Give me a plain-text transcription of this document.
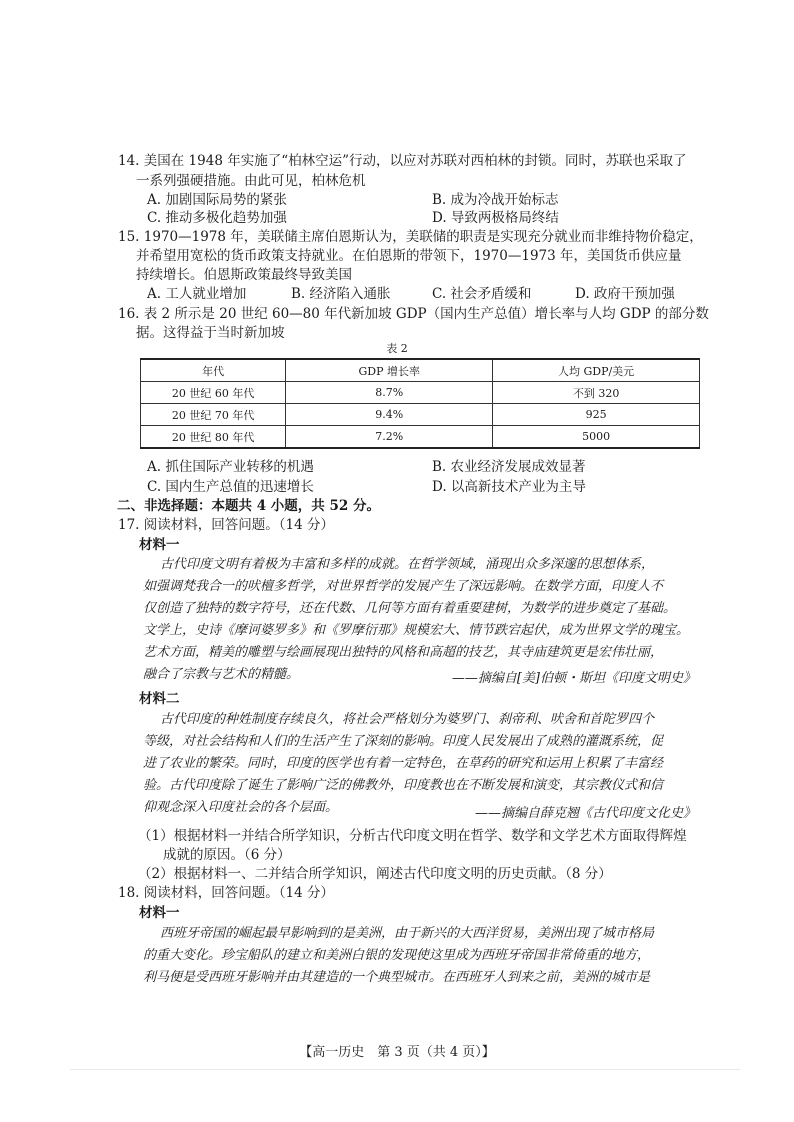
14. 美国在 1948 年实施了“柏林空运”行动，以应对苏联对西柏林的封锁。同时，苏联也采取了
一系列强硬措施。由此可见，柏林危机
A. 加剧国际局势的紧张	B. 成为冷战开始标志
C. 推动多极化趋势加强	D. 导致两极格局终结
15. 1970—1978 年，美联储主席伯恩斯认为，美联储的职责是实现充分就业而非维持物价稳定，
并希望用宽松的货币政策支持就业。在伯恩斯的带领下，1970—1973 年，美国货币供应量
持续增长。伯恩斯政策最终导致美国
A. 工人就业增加	B. 经济陷入通胀	C. 社会矛盾缓和	D. 政府干预加强
16. 表 2 所示是 20 世纪 60—80 年代新加坡 GDP（国内生产总值）增长率与人均 GDP 的部分数
据。这得益于当时新加坡
表 2
年代	GDP 增长率	人均 GDP/美元
20 世纪 60 年代	8.7%	不到 320
20 世纪 70 年代	9.4%	925
20 世纪 80 年代	7.2%	5000
A. 抓住国际产业转移的机遇	B. 农业经济发展成效显著
C. 国内生产总值的迅速增长	D. 以高新技术产业为主导
二、非选择题：本题共 4 小题，共 52 分。
17. 阅读材料，回答问题。（14 分）
材料一
古代印度文明有着极为丰富和多样的成就。在哲学领域，涌现出众多深邃的思想体系，
如强调梵我合一的吠檀多哲学，对世界哲学的发展产生了深远影响。在数学方面，印度人不
仅创造了独特的数字符号，还在代数、几何等方面有着重要建树，为数学的进步奠定了基础。
文学上，史诗《摩诃婆罗多》和《罗摩衍那》规模宏大、情节跌宕起伏，成为世界文学的瑰宝。
艺术方面，精美的雕塑与绘画展现出独特的风格和高超的技艺，其寺庙建筑更是宏伟壮丽，
融合了宗教与艺术的精髓。	——摘编自[美]伯顿・斯坦《印度文明史》
材料二
古代印度的种姓制度存续良久，将社会严格划分为婆罗门、刹帝利、吠舍和首陀罗四个
等级，对社会结构和人们的生活产生了深刻的影响。印度人民发展出了成熟的灌溉系统，促
进了农业的繁荣。同时，印度的医学也有着一定特色，在草药的研究和运用上积累了丰富经
验。古代印度除了诞生了影响广泛的佛教外，印度教也在不断发展和演变，其宗教仪式和信
仰观念深入印度社会的各个层面。	——摘编自薛克翘《古代印度文化史》
（1）根据材料一并结合所学知识，分析古代印度文明在哲学、数学和文学艺术方面取得辉煌
成就的原因。（6 分）
（2）根据材料一、二并结合所学知识，阐述古代印度文明的历史贡献。（8 分）
18. 阅读材料，回答问题。（14 分）
材料一
西班牙帝国的崛起最早影响到的是美洲，由于新兴的大西洋贸易，美洲出现了城市格局
的重大变化。珍宝船队的建立和美洲白银的发现使这里成为西班牙帝国非常倚重的地方，
利马便是受西班牙影响并由其建造的一个典型城市。在西班牙人到来之前，美洲的城市是
【高一历史　第 3 页（共 4 页）】
